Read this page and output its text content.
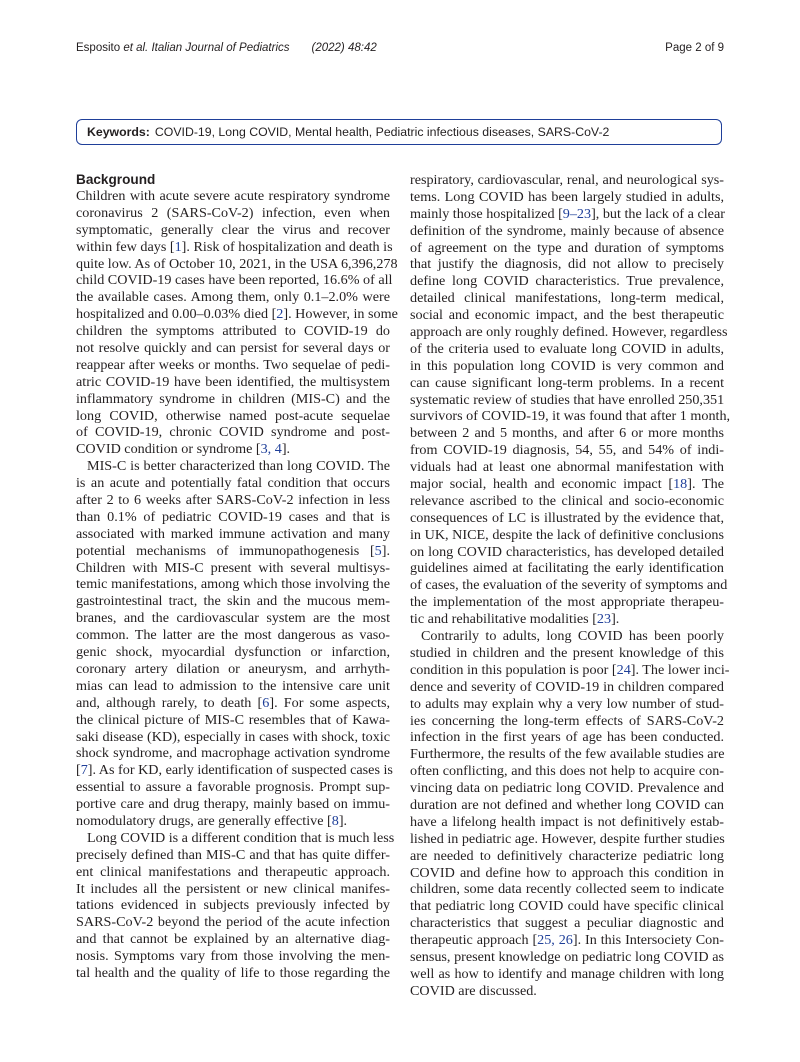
Esposito et al. Italian Journal of Pediatrics (2022) 48:42	Page 2 of 9
Keywords: COVID-19, Long COVID, Mental health, Pediatric infectious diseases, SARS-CoV-2
Background
Children with acute severe acute respiratory syndrome
coronavirus 2 (SARS-CoV-2) infection, even when
symptomatic, generally clear the virus and recover
within few days [1]. Risk of hospitalization and death is
quite low. As of October 10, 2021, in the USA 6,396,278
child COVID-19 cases have been reported, 16.6% of all
the available cases. Among them, only 0.1–2.0% were
hospitalized and 0.00–0.03% died [2]. However, in some
children the symptoms attributed to COVID-19 do
not resolve quickly and can persist for several days or
reappear after weeks or months. Two sequelae of pedi-
atric COVID-19 have been identified, the multisystem
inflammatory syndrome in children (MIS-C) and the
long COVID, otherwise named post-acute sequelae
of COVID-19, chronic COVID syndrome and post-
COVID condition or syndrome [3, 4].
MIS-C is better characterized than long COVID. The
is an acute and potentially fatal condition that occurs
after 2 to 6 weeks after SARS-CoV-2 infection in less
than 0.1% of pediatric COVID-19 cases and that is
associated with marked immune activation and many
potential mechanisms of immunopathogenesis [5].
Children with MIS-C present with several multisys-
temic manifestations, among which those involving the
gastrointestinal tract, the skin and the mucous mem-
branes, and the cardiovascular system are the most
common. The latter are the most dangerous as vaso-
genic shock, myocardial dysfunction or infarction,
coronary artery dilation or aneurysm, and arrhyth-
mias can lead to admission to the intensive care unit
and, although rarely, to death [6]. For some aspects,
the clinical picture of MIS-C resembles that of Kawa-
saki disease (KD), especially in cases with shock, toxic
shock syndrome, and macrophage activation syndrome
[7]. As for KD, early identification of suspected cases is
essential to assure a favorable prognosis. Prompt sup-
portive care and drug therapy, mainly based on immu-
nomodulatory drugs, are generally effective [8].
Long COVID is a different condition that is much less
precisely defined than MIS-C and that has quite differ-
ent clinical manifestations and therapeutic approach.
It includes all the persistent or new clinical manifes-
tations evidenced in subjects previously infected by
SARS-CoV-2 beyond the period of the acute infection
and that cannot be explained by an alternative diag-
nosis. Symptoms vary from those involving the men-
tal health and the quality of life to those regarding the
respiratory, cardiovascular, renal, and neurological sys-
tems. Long COVID has been largely studied in adults,
mainly those hospitalized [9–23], but the lack of a clear
definition of the syndrome, mainly because of absence
of agreement on the type and duration of symptoms
that justify the diagnosis, did not allow to precisely
define long COVID characteristics. True prevalence,
detailed clinical manifestations, long-term medical,
social and economic impact, and the best therapeutic
approach are only roughly defined. However, regardless
of the criteria used to evaluate long COVID in adults,
in this population long COVID is very common and
can cause significant long-term problems. In a recent
systematic review of studies that have enrolled 250,351
survivors of COVID-19, it was found that after 1 month,
between 2 and 5 months, and after 6 or more months
from COVID-19 diagnosis, 54, 55, and 54% of indi-
viduals had at least one abnormal manifestation with
major social, health and economic impact [18]. The
relevance ascribed to the clinical and socio-economic
consequences of LC is illustrated by the evidence that,
in UK, NICE, despite the lack of definitive conclusions
on long COVID characteristics, has developed detailed
guidelines aimed at facilitating the early identification
of cases, the evaluation of the severity of symptoms and
the implementation of the most appropriate therapeu-
tic and rehabilitative modalities [23].
Contrarily to adults, long COVID has been poorly
studied in children and the present knowledge of this
condition in this population is poor [24]. The lower inci-
dence and severity of COVID-19 in children compared
to adults may explain why a very low number of stud-
ies concerning the long-term effects of SARS-CoV-2
infection in the first years of age has been conducted.
Furthermore, the results of the few available studies are
often conflicting, and this does not help to acquire con-
vincing data on pediatric long COVID. Prevalence and
duration are not defined and whether long COVID can
have a lifelong health impact is not definitively estab-
lished in pediatric age. However, despite further studies
are needed to definitively characterize pediatric long
COVID and define how to approach this condition in
children, some data recently collected seem to indicate
that pediatric long COVID could have specific clinical
characteristics that suggest a peculiar diagnostic and
therapeutic approach [25, 26]. In this Intersociety Con-
sensus, present knowledge on pediatric long COVID as
well as how to identify and manage children with long
COVID are discussed.
